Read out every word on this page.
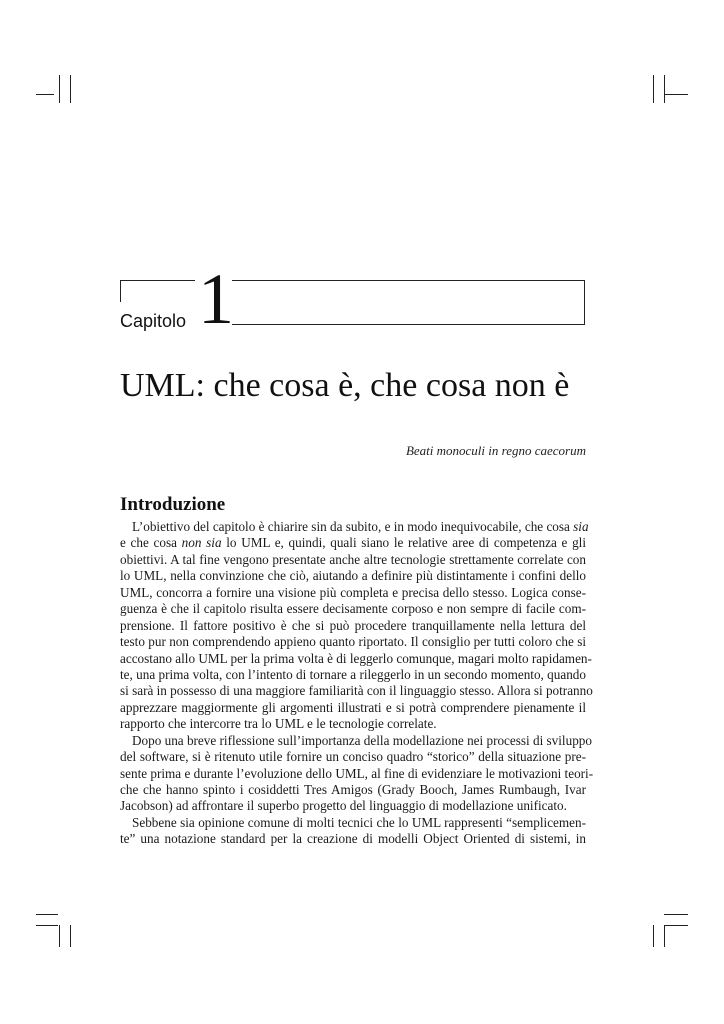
Capitolo 1
UML: che cosa è, che cosa non è
Beati monoculi in regno caecorum
Introduzione
L’obiettivo del capitolo è chiarire sin da subito, e in modo inequivocabile, che cosa sia
e che cosa non sia lo UML e, quindi, quali siano le relative aree di competenza e gli
obiettivi. A tal fine vengono presentate anche altre tecnologie strettamente correlate con
lo UML, nella convinzione che ciò, aiutando a definire più distintamente i confini dello
UML, concorra a fornire una visione più completa e precisa dello stesso. Logica conse-
guenza è che il capitolo risulta essere decisamente corposo e non sempre di facile com-
prensione. Il fattore positivo è che si può procedere tranquillamente nella lettura del
testo pur non comprendendo appieno quanto riportato. Il consiglio per tutti coloro che si
accostano allo UML per la prima volta è di leggerlo comunque, magari molto rapidamen-
te, una prima volta, con l’intento di tornare a rileggerlo in un secondo momento, quando
si sarà in possesso di una maggiore familiarità con il linguaggio stesso. Allora si potranno
apprezzare maggiormente gli argomenti illustrati e si potrà comprendere pienamente il
rapporto che intercorre tra lo UML e le tecnologie correlate.
Dopo una breve riflessione sull’importanza della modellazione nei processi di sviluppo
del software, si è ritenuto utile fornire un conciso quadro “storico” della situazione pre-
sente prima e durante l’evoluzione dello UML, al fine di evidenziare le motivazioni teori-
che che hanno spinto i cosiddetti Tres Amigos (Grady Booch, James Rumbaugh, Ivar
Jacobson) ad affrontare il superbo progetto del linguaggio di modellazione unificato.
Sebbene sia opinione comune di molti tecnici che lo UML rappresenti “semplicemen-
te” una notazione standard per la creazione di modelli Object Oriented di sistemi, in
